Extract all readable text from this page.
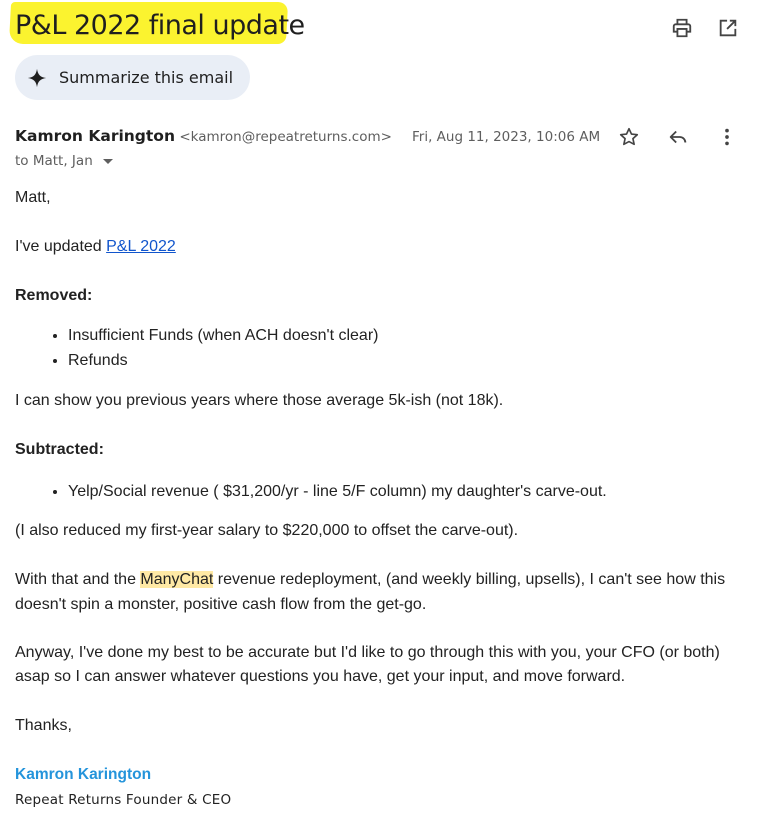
P&L 2022 final update
Summarize this email
Kamron Karington <kamron@repeatreturns.com> Fri, Aug 11, 2023, 10:06 AM
to Matt, Jan

Matt,

I've updated P&L 2022

Removed:

• Insufficient Funds (when ACH doesn't clear)
• Refunds

I can show you previous years where those average 5k-ish (not 18k).

Subtracted:

• Yelp/Social revenue ( $31,200/yr - line 5/F column) my daughter's carve-out.

(I also reduced my first-year salary to $220,000 to offset the carve-out).

With that and the ManyChat revenue redeployment, (and weekly billing, upsells), I can't see how this

doesn't spin a monster, positive cash flow from the get-go.

Anyway, I've done my best to be accurate but I'd like to go through this with you, your CFO (or both)

asap so I can answer whatever questions you have, get your input, and move forward.

Thanks,

Kamron Karington
Repeat Returns Founder & CEO
